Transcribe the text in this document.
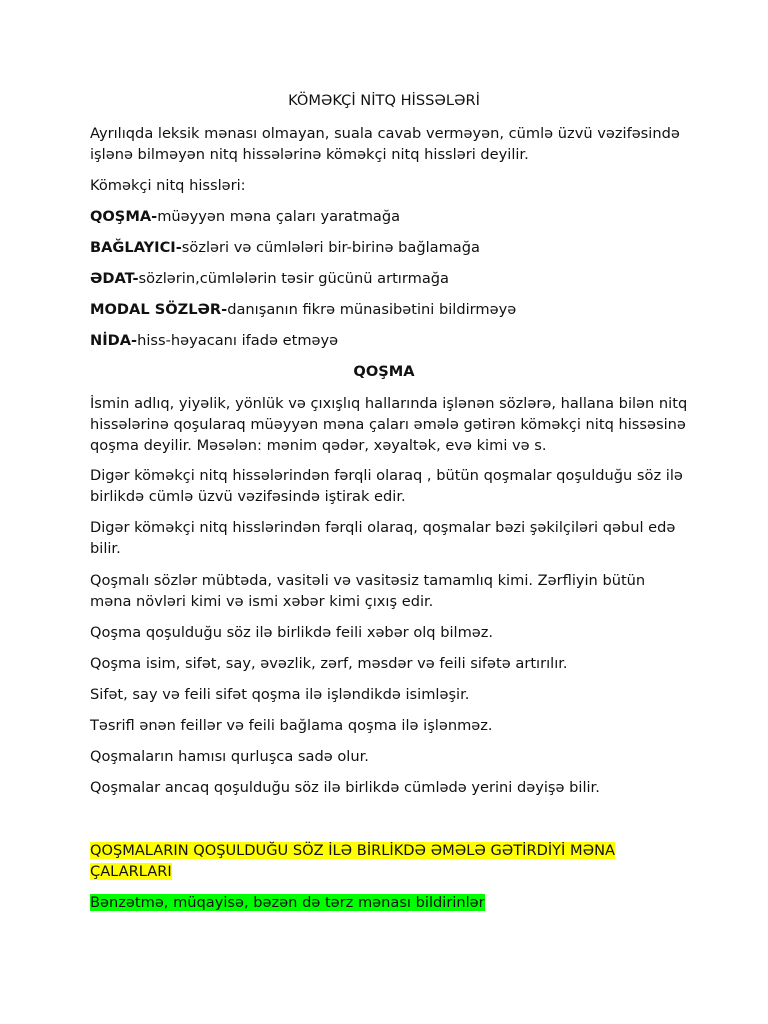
KÖMƏKÇİ NİTQ HİSSƏLƏRİ

Ayrılıqda leksik mənası olmayan, suala cavab verməyən, cümlə üzvü vəzifəsində işlənə bilməyən nitq hissələrinə köməkçi nitq hissləri deyilir.

Köməkçi nitq hissləri:

QOŞMA-müəyyən məna çaları yaratmağa

BAĞLAYICI-sözləri və cümlələri bir-birinə bağlamağa

ƏDAT-sözlərin,cümlələrin təsir gücünü artırmağa

MODAL SÖZLƏR-danışanın fikrə münasibətini bildirməyə

NİDA-hiss-həyacanı ifadə etməyə

QOŞMA

İsmin adlıq, yiyəlik, yönlük və çıxışlıq hallarında işlənən sözlərə, hallana bilən nitq hissələrinə qoşularaq müəyyən məna çaları əmələ gətirən köməkçi nitq hissəsinə qoşma deyilir. Məsələn: mənim qədər, xəyaltək, evə kimi və s.

Digər köməkçi nitq hissələrindən fərqli olaraq , bütün qoşmalar qoşulduğu söz ilə birlikdə cümlə üzvü vəzifəsində iştirak edir.

Digər köməkçi nitq hisslərindən fərqli olaraq, qoşmalar bəzi şəkilçiləri qəbul edə bilir.

Qoşmalı sözlər mübtəda, vasitəli və vasitəsiz tamamlıq kimi. Zərfliyin bütün məna növləri kimi və ismi xəbər kimi çıxış edir.

Qoşma qoşulduğu söz ilə birlikdə feili xəbər olq bilməz.

Qoşma isim, sifət, say, əvəzlik, zərf, məsdər və feili sifətə artırılır.

Sifət, say və feili sifət qoşma ilə işləndikdə isimləşir.

Təsrifl ənən feillər və feili bağlama qoşma ilə işlənməz.

Qoşmaların hamısı qurluşca sadə olur.

Qoşmalar ancaq qoşulduğu söz ilə birlikdə cümlədə yerini dəyişə bilir.

QOŞMALARIN QOŞULDUĞU SÖZ İLƏ BİRLİKDƏ ƏMƏLƏ GƏTİRDİYİ MƏNA ÇALARLARI

Bənzətmə, müqayisə, bəzən də tərz mənası bildirinlər
